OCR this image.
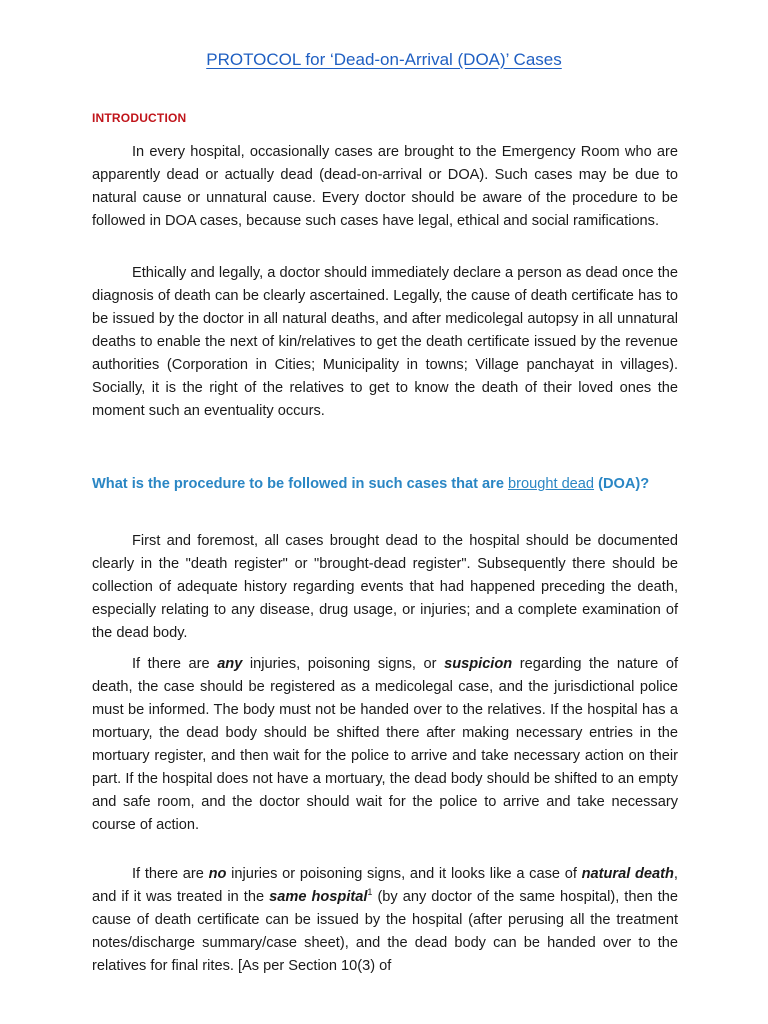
PROTOCOL for ‘Dead-on-Arrival (DOA)’ Cases
INTRODUCTION

In every hospital, occasionally cases are brought to the Emergency Room who are apparently dead or actually dead (dead-on-arrival or DOA). Such cases may be due to natural cause or unnatural cause. Every doctor should be aware of the procedure to be followed in DOA cases, because such cases have legal, ethical and social ramifications.

Ethically and legally, a doctor should immediately declare a person as dead once the diagnosis of death can be clearly ascertained. Legally, the cause of death certificate has to be issued by the doctor in all natural deaths, and after medicolegal autopsy in all unnatural deaths to enable the next of kin/relatives to get the death certificate issued by the revenue authorities (Corporation in Cities; Municipality in towns; Village panchayat in villages). Socially, it is the right of the relatives to get to know the death of their loved ones the moment such an eventuality occurs.

What is the procedure to be followed in such cases that are brought dead (DOA)?

First and foremost, all cases brought dead to the hospital should be documented clearly in the "death register" or "brought-dead register". Subsequently there should be collection of adequate history regarding events that had happened preceding the death, especially relating to any disease, drug usage, or injuries; and a complete examination of the dead body.

If there are any injuries, poisoning signs, or suspicion regarding the nature of death, the case should be registered as a medicolegal case, and the jurisdictional police must be informed. The body must not be handed over to the relatives. If the hospital has a mortuary, the dead body should be shifted there after making necessary entries in the mortuary register, and then wait for the police to arrive and take necessary action on their part. If the hospital does not have a mortuary, the dead body should be shifted to an empty and safe room, and the doctor should wait for the police to arrive and take necessary course of action.

If there are no injuries or poisoning signs, and it looks like a case of natural death, and if it was treated in the same hospital$^1$ (by any doctor of the same hospital), then the cause of death certificate can be issued by the hospital (after perusing all the treatment notes/discharge summary/case sheet), and the dead body can be handed over to the relatives for final rites. [As per Section 10(3) of
